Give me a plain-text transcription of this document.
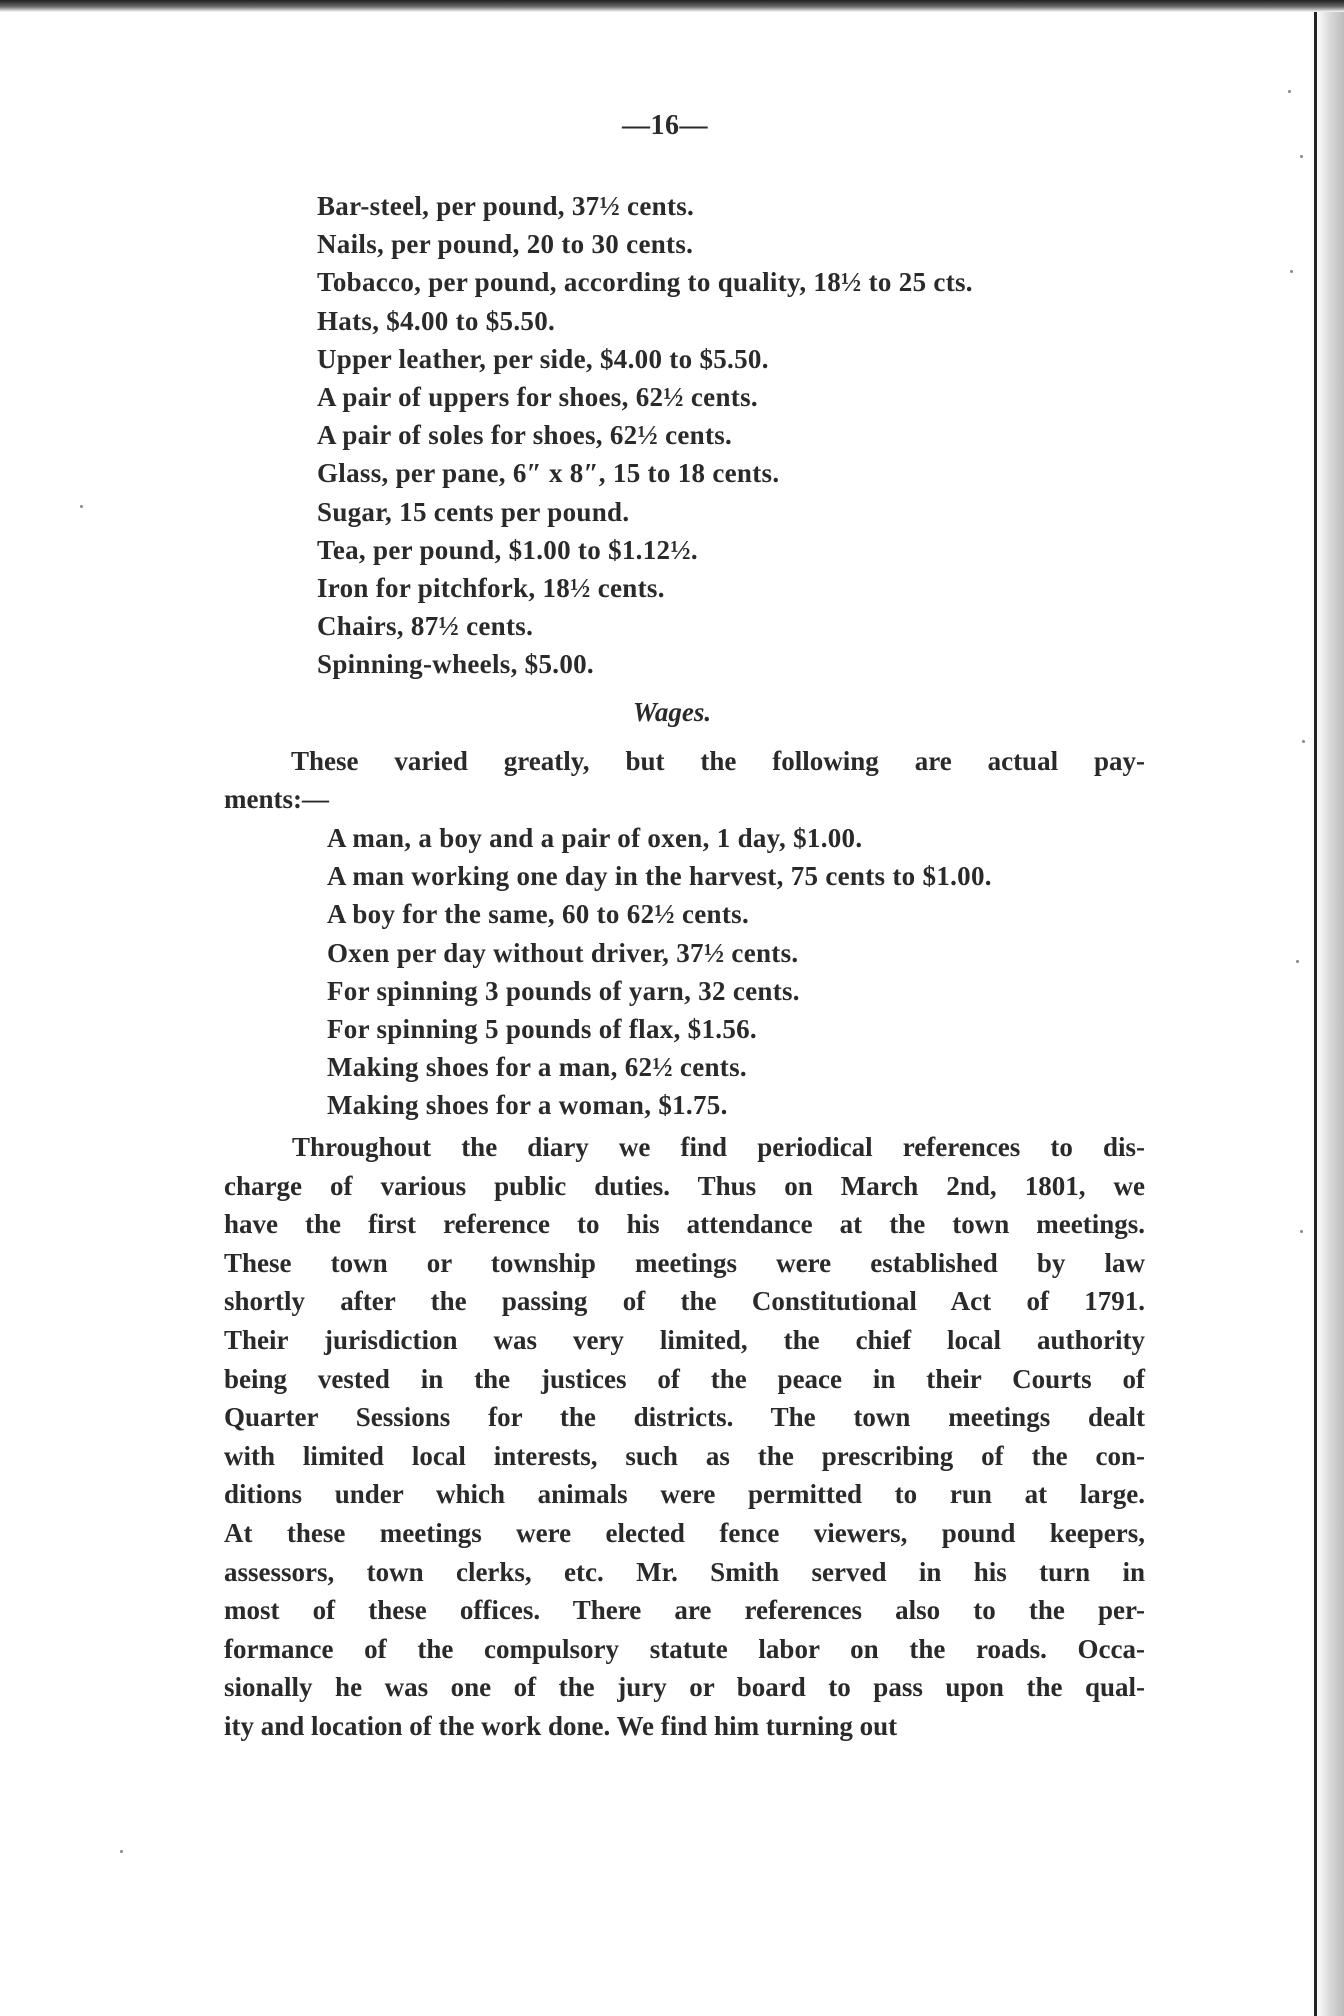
—16—
Bar-steel, per pound, 37½ cents.
Nails, per pound, 20 to 30 cents.
Tobacco, per pound, according to quality, 18½ to 25 cts.
Hats, $4.00 to $5.50.
Upper leather, per side, $4.00 to $5.50.
A pair of uppers for shoes, 62½ cents.
A pair of soles for shoes, 62½ cents.
Glass, per pane, 6″ x 8″, 15 to 18 cents.
Sugar, 15 cents per pound.
Tea, per pound, $1.00 to $1.12½.
Iron for pitchfork, 18½ cents.
Chairs, 87½ cents.
Spinning-wheels, $5.00.
Wages.
These varied greatly, but the following are actual pay-
ments:—
A man, a boy and a pair of oxen, 1 day, $1.00.
A man working one day in the harvest, 75 cents to $1.00.
A boy for the same, 60 to 62½ cents.
Oxen per day without driver, 37½ cents.
For spinning 3 pounds of yarn, 32 cents.
For spinning 5 pounds of flax, $1.56.
Making shoes for a man, 62½ cents.
Making shoes for a woman, $1.75.
Throughout the diary we find periodical references to dis-
charge of various public duties. Thus on March 2nd, 1801, we
have the first reference to his attendance at the town meetings.
These town or township meetings were established by law
shortly after the passing of the Constitutional Act of 1791.
Their jurisdiction was very limited, the chief local authority
being vested in the justices of the peace in their Courts of
Quarter Sessions for the districts. The town meetings dealt
with limited local interests, such as the prescribing of the con-
ditions under which animals were permitted to run at large.
At these meetings were elected fence viewers, pound keepers,
assessors, town clerks, etc. Mr. Smith served in his turn in
most of these offices. There are references also to the per-
formance of the compulsory statute labor on the roads. Occa-
sionally he was one of the jury or board to pass upon the qual-
ity and location of the work done. We find him turning out
